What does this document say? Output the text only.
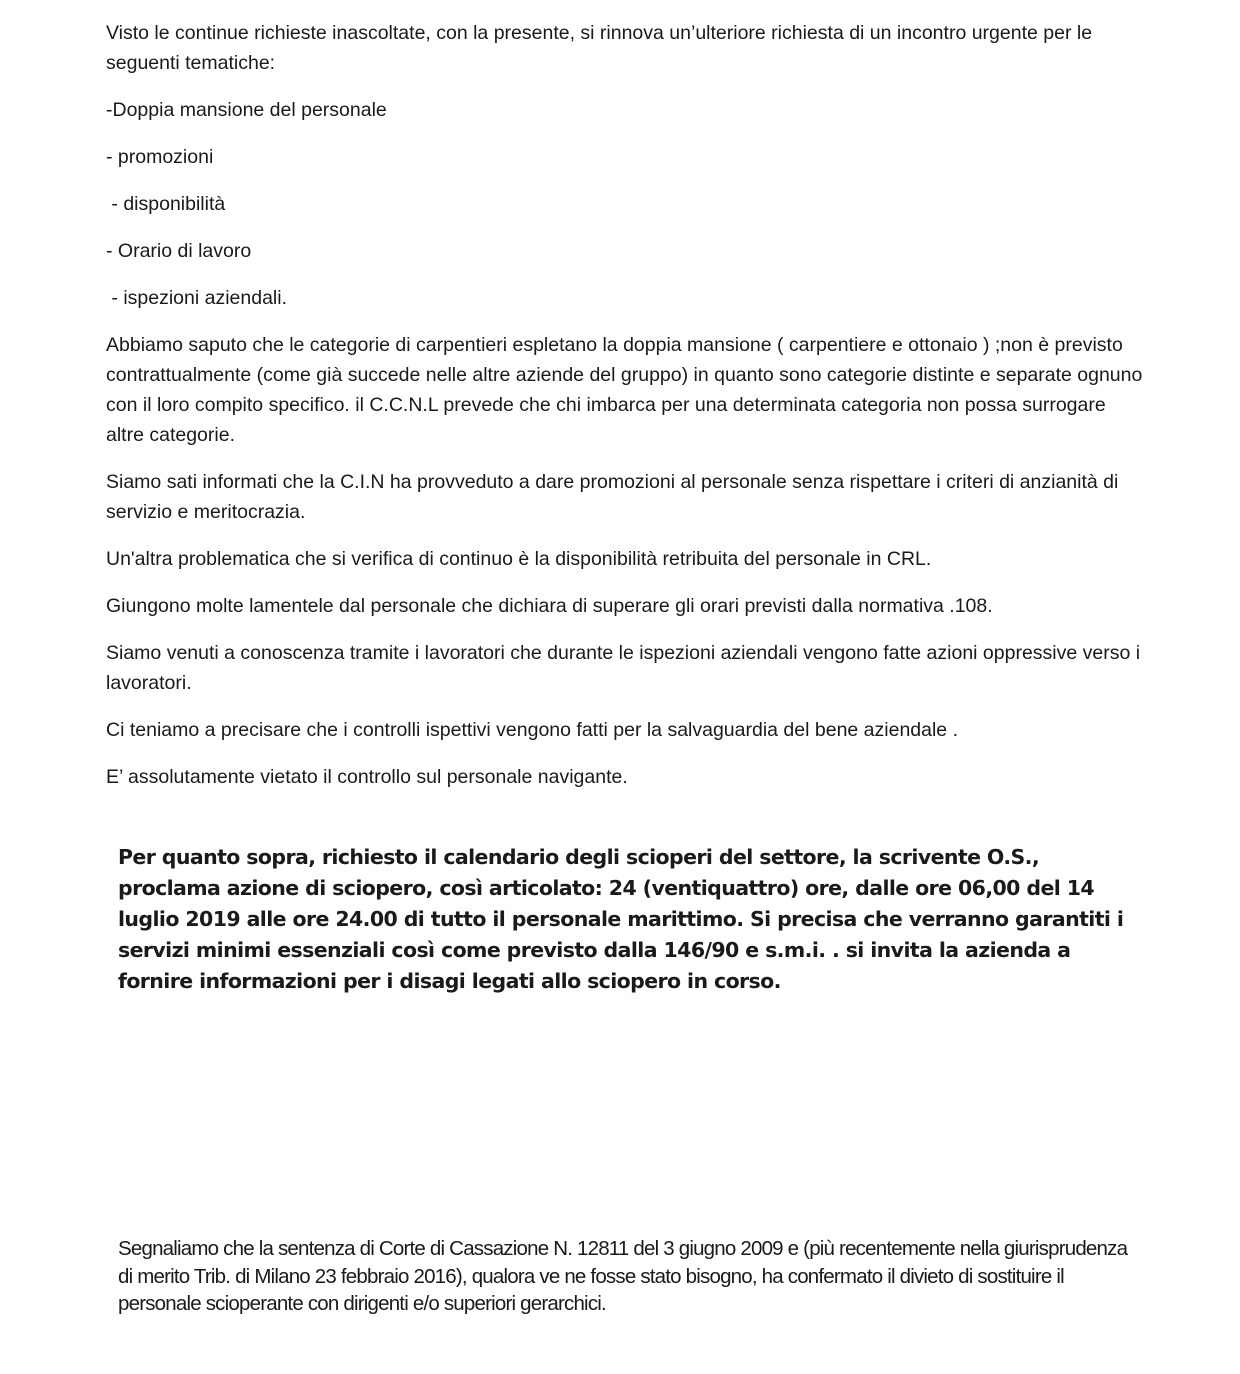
Visto le continue richieste inascoltate, con la presente, si rinnova un’ulteriore richiesta di un incontro urgente per le seguenti tematiche:

-Doppia mansione del personale
- promozioni
- disponibilità
- Orario di lavoro
- ispezioni aziendali.

Abbiamo saputo che le categorie di carpentieri espletano la doppia mansione ( carpentiere e ottonaio ) ;non è previsto contrattualmente (come già succede nelle altre aziende del gruppo) in quanto sono categorie distinte e separate ognuno con il loro compito specifico. il C.C.N.L prevede che chi imbarca per una determinata categoria non possa surrogare altre categorie.

Siamo sati informati che la C.I.N ha provveduto a dare promozioni al personale senza rispettare i criteri di anzianità di servizio e meritocrazia.

Un'altra problematica che si verifica di continuo è la disponibilità retribuita del personale in CRL.

Giungono molte lamentele dal personale che dichiara di superare gli orari previsti dalla normativa .108.

Siamo venuti a conoscenza tramite i lavoratori che durante le ispezioni aziendali vengono fatte azioni oppressive verso i lavoratori.

Ci teniamo a precisare che i controlli ispettivi vengono fatti per la salvaguardia del bene aziendale .

E’ assolutamente vietato il controllo sul personale navigante.

Per quanto sopra, richiesto il calendario degli scioperi del settore, la scrivente O.S., proclama azione di sciopero, così articolato: 24 (ventiquattro) ore, dalle ore 06,00 del 14 luglio 2019 alle ore 24.00 di tutto il personale marittimo. Si precisa che verranno garantiti i servizi minimi essenziali così come previsto dalla 146/90 e s.m.i. . si invita la azienda a fornire informazioni per i disagi legati allo sciopero in corso.

Segnaliamo che la sentenza di Corte di Cassazione N. 12811 del 3 giugno 2009 e (più recentemente nella giurisprudenza di merito Trib. di Milano 23 febbraio 2016), qualora ve ne fosse stato bisogno, ha confermato il divieto di sostituire il personale scioperante con dirigenti e/o superiori gerarchici.
